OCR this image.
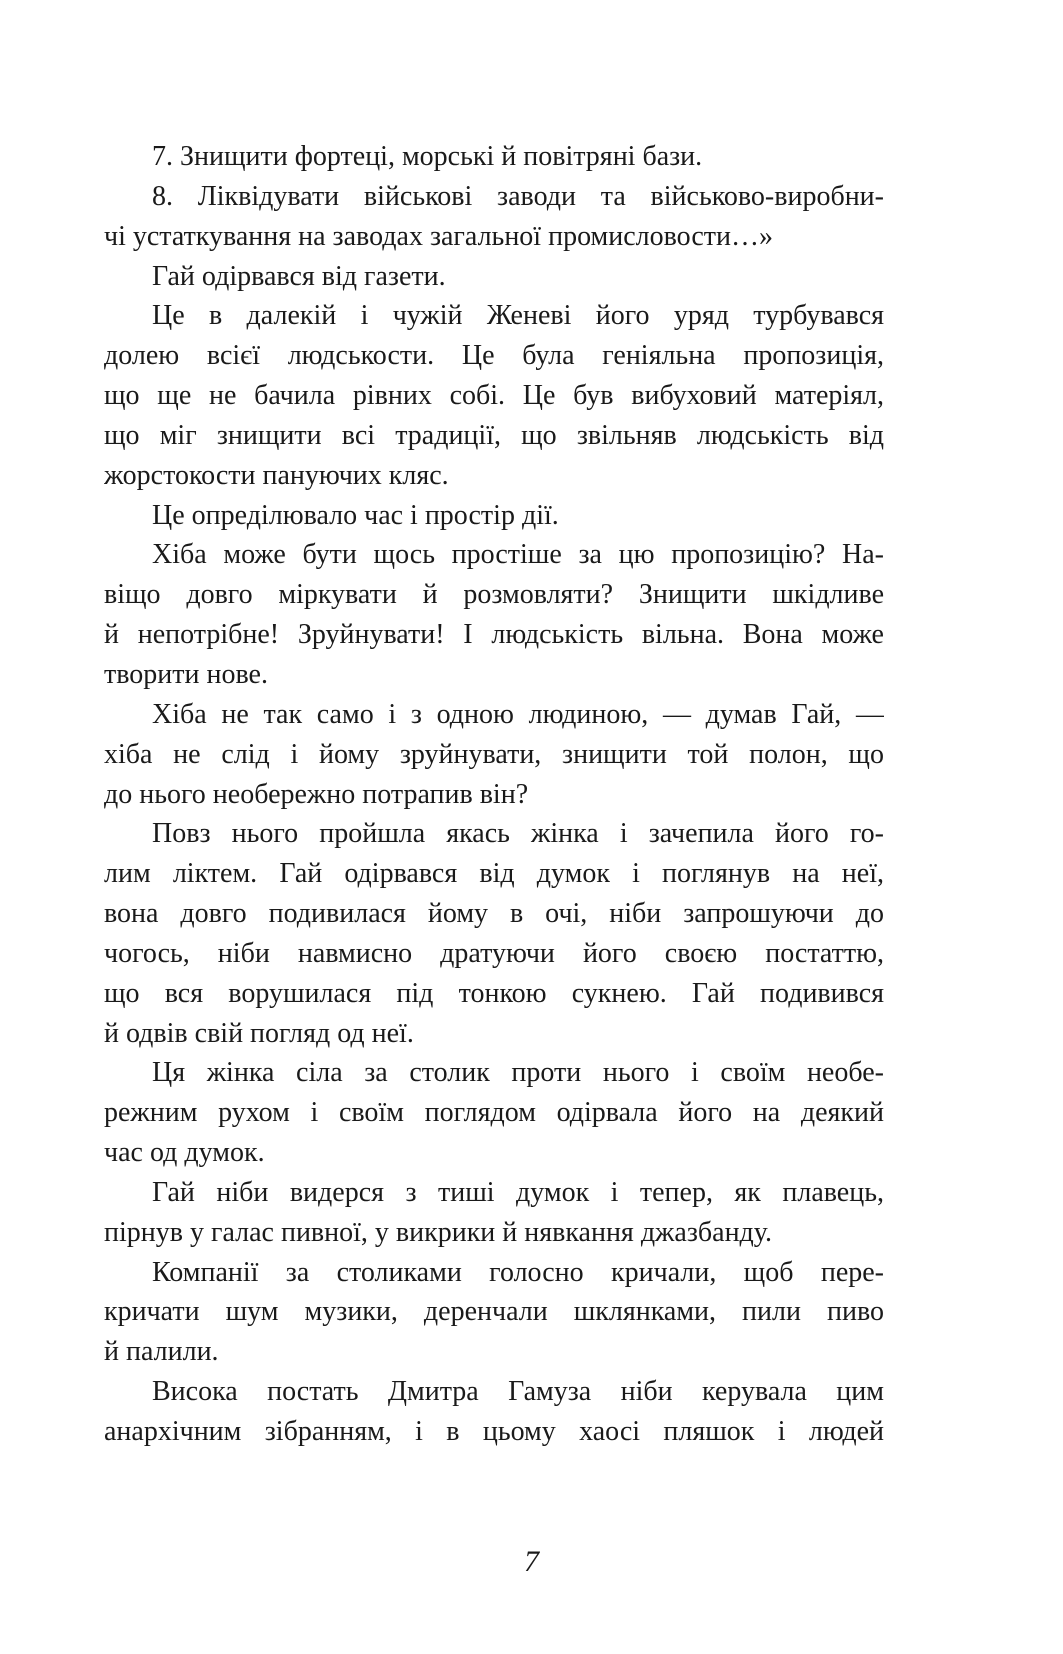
7. Знищити фортеці, морські й повітряні бази.
8. Ліквідувати військові заводи та військово-виробни-
чі устаткування на заводах загальної промисловости…»
Гай одірвався від газети.
Це в далекій і чужій Женеві його уряд турбувався
долею всієї людськости. Це була геніяльна пропозиція,
що ще не бачила рівних собі. Це був вибуховий матеріял,
що міг знищити всі традиції, що звільняв людськість від
жорстокости пануючих кляс.
Це опреділювало час і простір дії.
Хіба може бути щось простіше за цю пропозицію? На-
віщо довго міркувати й розмовляти? Знищити шкідливе
й непотрібне! Зруйнувати! І людськість вільна. Вона може
творити нове.
Хіба не так само і з одною людиною, — думав Гай, —
хіба не слід і йому зруйнувати, знищити той полон, що
до нього необережно потрапив він?
Повз нього пройшла якась жінка і зачепила його го-
лим ліктем. Гай одірвався від думок і поглянув на неї,
вона довго подивилася йому в очі, ніби запрошуючи до
чогось, ніби навмисно дратуючи його своєю постаттю,
що вся ворушилася під тонкою сукнею. Гай подивився
й одвів свій погляд од неї.
Ця жінка сіла за столик проти нього і своїм необе-
режним рухом і своїм поглядом одірвала його на деякий
час од думок.
Гай ніби видерся з тиші думок і тепер, як плавець,
пірнув у галас пивної, у викрики й нявкання джазбанду.
Компанії за столиками голосно кричали, щоб пере-
кричати шум музики, деренчали шклянками, пили пиво
й палили.
Висока постать Дмитра Гамуза ніби керувала цим
анархічним зібранням, і в цьому хаосі пляшок і людей
7
